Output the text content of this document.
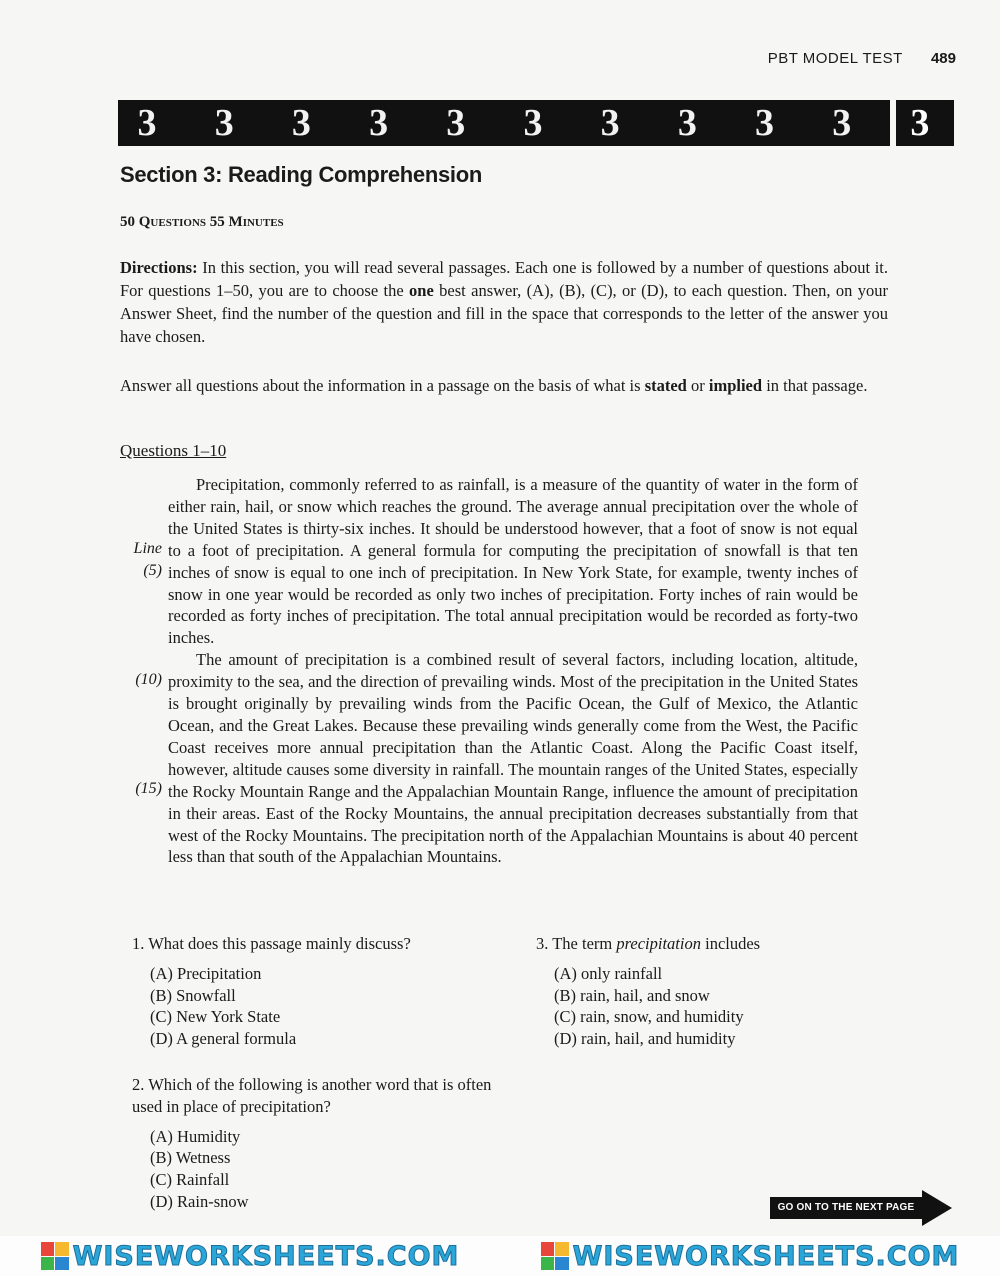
PBT MODEL TEST 489
3	3	3	3	3	3	3	3	3	3	3
Section 3: Reading Comprehension
50 Questions 55 Minutes
Directions: In this section, you will read several passages. Each one is followed by a number of questions about it. For questions 1–50, you are to choose the one best answer, (A), (B), (C), or (D), to each question. Then, on your Answer Sheet, find the number of the question and fill in the space that corresponds to the letter of the answer you have chosen.
Answer all questions about the information in a passage on the basis of what is stated or implied in that passage.
Questions 1–10

Precipitation, commonly referred to as rainfall, is a measure of the quantity of water in the form of either rain, hail, or snow which reaches the ground. The average annual precipitation over the whole of the United States is thirty-six inches. It should be understood however, that a foot of snow is not equal to a foot of precipitation. A general formula for computing the precipitation of snowfall is that ten inches of snow is equal to one inch of precipitation. In New York State, for example, twenty inches of snow in one year would be recorded as only two inches of precipitation. Forty inches of rain would be recorded as forty inches of precipitation. The total annual precipitation would be recorded as forty-two inches.

The amount of precipitation is a combined result of several factors, including location, altitude, proximity to the sea, and the direction of prevailing winds. Most of the precipitation in the United States is brought originally by prevailing winds from the Pacific Ocean, the Gulf of Mexico, the Atlantic Ocean, and the Great Lakes. Because these prevailing winds generally come from the West, the Pacific Coast receives more annual precipitation than the Atlantic Coast. Along the Pacific Coast itself, however, altitude causes some diversity in rainfall. The mountain ranges of the United States, especially the Rocky Mountain Range and the Appalachian Mountain Range, influence the amount of precipitation in their areas. East of the Rocky Mountains, the annual precipitation decreases substantially from that west of the Rocky Mountains. The precipitation north of the Appalachian Mountains is about 40 percent less than that south of the Appalachian Mountains.

Line
(5)
(10)
(15)
1. What does this passage mainly discuss?
(A) Precipitation
(B) Snowfall
(C) New York State
(D) A general formula
2. Which of the following is another word that is often used in place of precipitation?
(A) Humidity
(B) Wetness
(C) Rainfall
(D) Rain-snow
3. The term precipitation includes
(A) only rainfall
(B) rain, hail, and snow
(C) rain, snow, and humidity
(D) rain, hail, and humidity
GO ON TO THE NEXT PAGE
WISEWORKSHEETS.COM	WISEWORKSHEETS.COM
